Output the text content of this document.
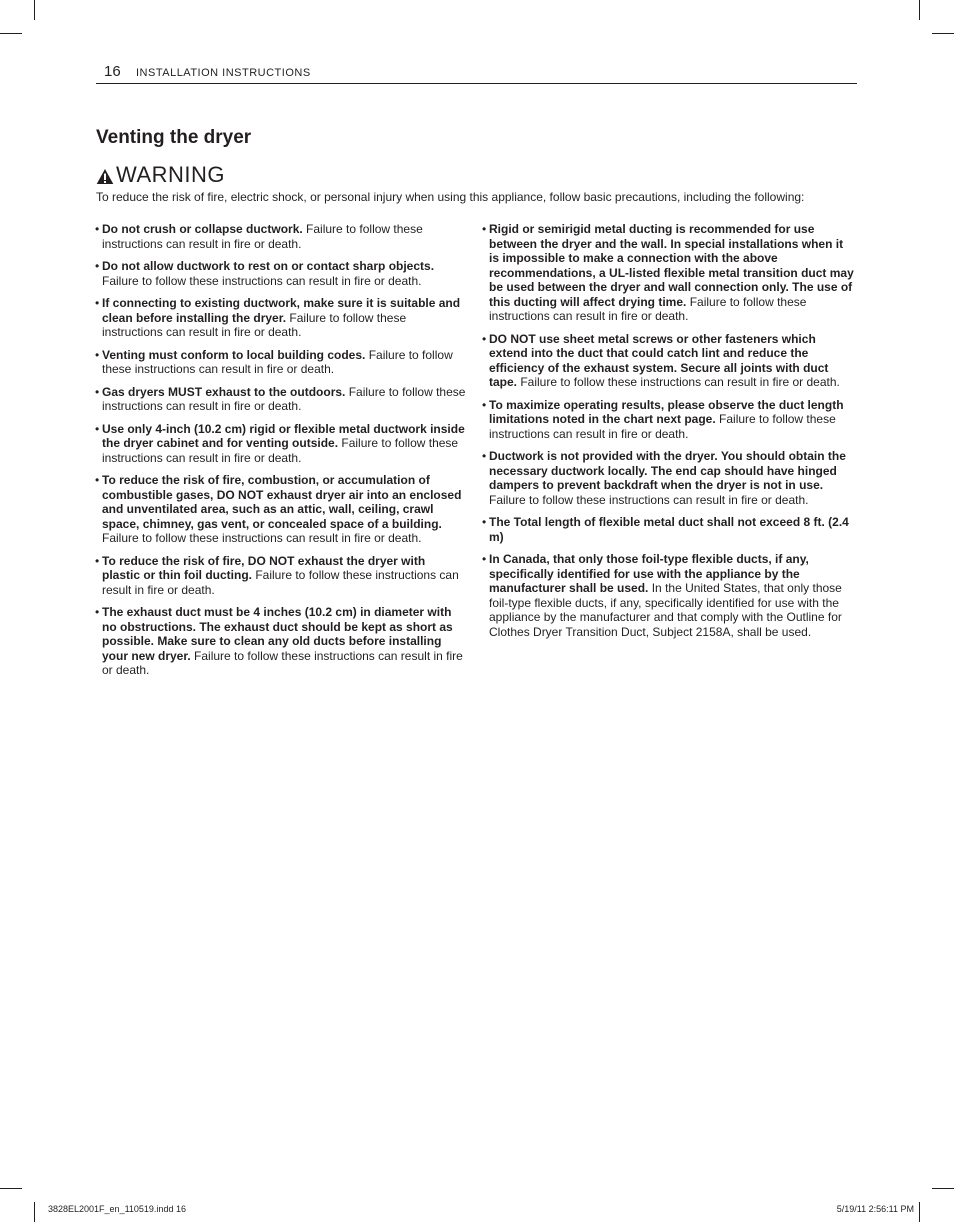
16 INSTALLATION INSTRUCTIONS
Venting the dryer
WARNING
To reduce the risk of fire, electric shock, or personal injury when using this appliance, follow basic precautions, including the following:
• Do not crush or collapse ductwork. Failure to follow these instructions can result in fire or death.
• Do not allow ductwork to rest on or contact sharp objects. Failure to follow these instructions can result in fire or death.
• If connecting to existing ductwork, make sure it is suitable and clean before installing the dryer. Failure to follow these instructions can result in fire or death.
• Venting must conform to local building codes. Failure to follow these instructions can result in fire or death.
• Gas dryers MUST exhaust to the outdoors. Failure to follow these instructions can result in fire or death.
• Use only 4-inch (10.2 cm) rigid or flexible metal ductwork inside the dryer cabinet and for venting outside. Failure to follow these instructions can result in fire or death.
• To reduce the risk of fire, combustion, or accumulation of combustible gases, DO NOT exhaust dryer air into an enclosed and unventilated area, such as an attic, wall, ceiling, crawl space, chimney, gas vent, or concealed space of a building. Failure to follow these instructions can result in fire or death.
• To reduce the risk of fire, DO NOT exhaust the dryer with plastic or thin foil ducting. Failure to follow these instructions can result in fire or death.
• The exhaust duct must be 4 inches (10.2 cm) in diameter with no obstructions. The exhaust duct should be kept as short as possible. Make sure to clean any old ducts before installing your new dryer. Failure to follow these instructions can result in fire or death.
• Rigid or semirigid metal ducting is recommended for use between the dryer and the wall. In special installations when it is impossible to make a connection with the above recommendations, a UL-listed flexible metal transition duct may be used between the dryer and wall connection only. The use of this ducting will affect drying time. Failure to follow these instructions can result in fire or death.
• DO NOT use sheet metal screws or other fasteners which extend into the duct that could catch lint and reduce the efficiency of the exhaust system. Secure all joints with duct tape. Failure to follow these instructions can result in fire or death.
• To maximize operating results, please observe the duct length limitations noted in the chart next page. Failure to follow these instructions can result in fire or death.
• Ductwork is not provided with the dryer. You should obtain the necessary ductwork locally. The end cap should have hinged dampers to prevent backdraft when the dryer is not in use. Failure to follow these instructions can result in fire or death.
• The Total length of flexible metal duct shall not exceed 8 ft. (2.4 m)
• In Canada, that only those foil-type flexible ducts, if any, specifically identified for use with the appliance by the manufacturer shall be used. In the United States, that only those foil-type flexible ducts, if any, specifically identified for use with the appliance by the manufacturer and that comply with the Outline for Clothes Dryer Transition Duct, Subject 2158A, shall be used.
3828EL2001F_en_110519.indd 16	5/19/11 2:56:11 PM
